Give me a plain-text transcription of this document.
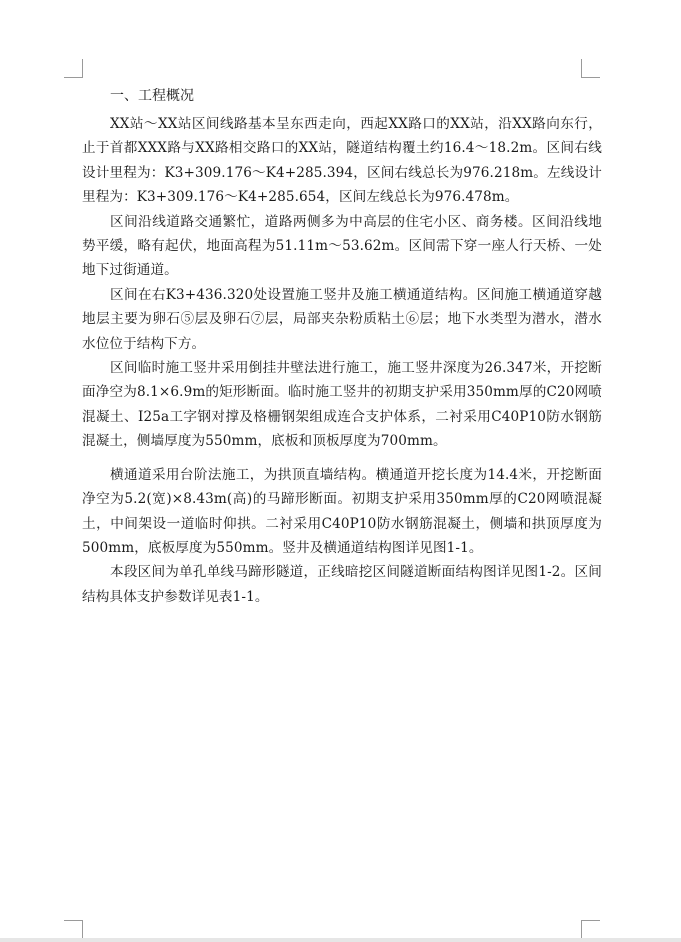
一、工程概况

XX站～XX站区间线路基本呈东西走向，西起XX路口的XX站，沿XX路向东行，止于首都XXX路与XX路相交路口的XX站，隧道结构覆土约16.4～18.2m。区间右线设计里程为：K3+309.176～K4+285.394，区间右线总长为976.218m。左线设计里程为：K3+309.176～K4+285.654，区间左线总长为976.478m。

区间沿线道路交通繁忙，道路两侧多为中高层的住宅小区、商务楼。区间沿线地势平缓，略有起伏，地面高程为51.11m～53.62m。区间需下穿一座人行天桥、一处地下过街通道。

区间在右K3+436.320处设置施工竖井及施工横通道结构。区间施工横通道穿越地层主要为卵石⑤层及卵石⑦层，局部夹杂粉质粘土⑥层；地下水类型为潜水，潜水水位位于结构下方。

区间临时施工竖井采用倒挂井壁法进行施工，施工竖井深度为26.347米，开挖断面净空为8.1×6.9m的矩形断面。临时施工竖井的初期支护采用350mm厚的C20网喷混凝土、I25a工字钢对撑及格栅钢架组成连合支护体系，二衬采用C40P10防水钢筋混凝土，侧墙厚度为550mm，底板和顶板厚度为700mm。

横通道采用台阶法施工，为拱顶直墙结构。横通道开挖长度为14.4米，开挖断面净空为5.2(宽)×8.43m(高)的马蹄形断面。初期支护采用350mm厚的C20网喷混凝土，中间架设一道临时仰拱。二衬采用C40P10防水钢筋混凝土，侧墙和拱顶厚度为500mm，底板厚度为550mm。竖井及横通道结构图详见图1-1。

本段区间为单孔单线马蹄形隧道，正线暗挖区间隧道断面结构图详见图1-2。区间结构具体支护参数详见表1-1。
